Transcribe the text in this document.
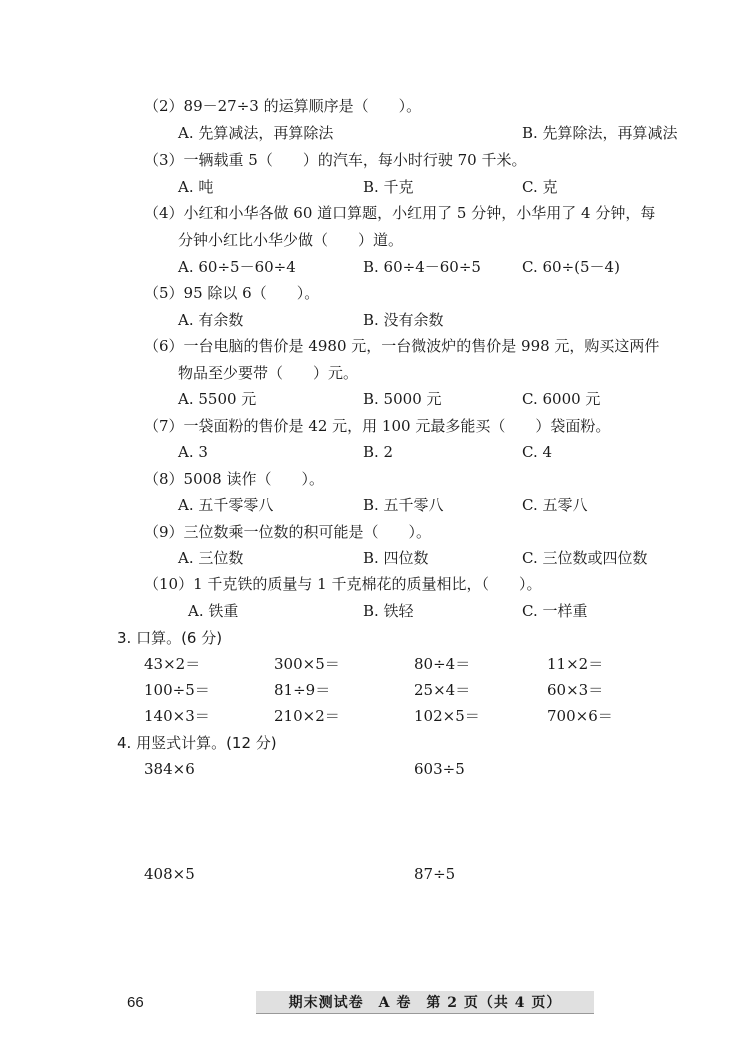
（2）89－27÷3 的运算顺序是（　　）。
A. 先算减法，再算除法	B. 先算除法，再算减法
（3）一辆载重 5（　　）的汽车，每小时行驶 70 千米。
A. 吨	B. 千克	C. 克
（4）小红和小华各做 60 道口算题，小红用了 5 分钟，小华用了 4 分钟，每
分钟小红比小华少做（　　）道。
A. 60÷5－60÷4	B. 60÷4－60÷5	C. 60÷(5－4)
（5）95 除以 6（　　）。
A. 有余数	B. 没有余数
（6）一台电脑的售价是 4980 元，一台微波炉的售价是 998 元，购买这两件
物品至少要带（　　）元。
A. 5500 元	B. 5000 元	C. 6000 元
（7）一袋面粉的售价是 42 元，用 100 元最多能买（　　）袋面粉。
A. 3	B. 2	C. 4
（8）5008 读作（　　）。
A. 五千零零八	B. 五千零八	C. 五零八
（9）三位数乘一位数的积可能是（　　）。
A. 三位数	B. 四位数	C. 三位数或四位数
（10）1 千克铁的质量与 1 千克棉花的质量相比，（　　）。
A. 铁重	B. 铁轻	C. 一样重
3. 口算。(6 分)
43×2＝	300×5＝	80÷4＝	11×2＝
100÷5＝	81÷9＝	25×4＝	60×3＝
140×3＝	210×2＝	102×5＝	700×6＝
4. 用竖式计算。(12 分)
384×6	603÷5
408×5	87÷5
66	期末测试卷　A 卷　第 2 页（共 4 页）
